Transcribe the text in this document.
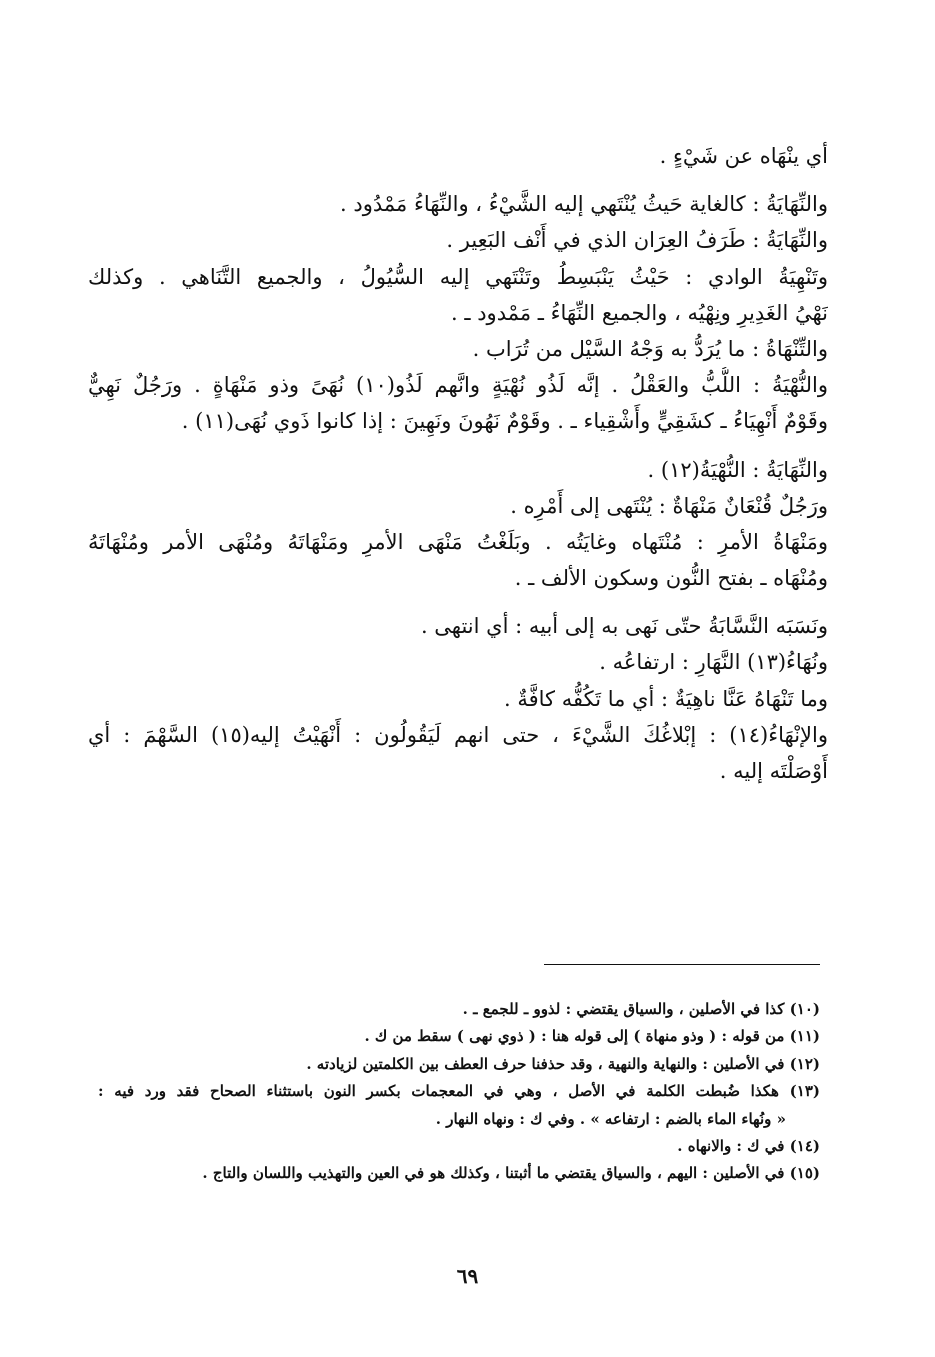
أي ينْهَاه عن شَيْءٍ .
والنِّهَايَةُ : كالغاية حَيثُ يُنْتَهي إليه الشَّيْءُ ، والنِّهَاءُ مَمْدُود .
والنِّهَايَةُ : طَرَفُ العِرَان الذي في أَنْف البَعِير .
وتَنْهِيَةُ الوادي : حَيْثُ يَنْبَسِطُ وتَنْتَهي إليه السُّيُولُ ، والجميع التَّنَاهي . وكذلك
نَهْيُ الغَدِيرِ ونِهْيُه ، والجميع النِّهَاءُ ـ مَمْدود ـ .
والتِّنْهَاةُ : ما يُرَدُّ به وَجْهُ السَّيْل من تُرَاب .
والنُّهْيَةُ : اللُّبُّ والعَقْلُ . إنَّه لَذُو نُهْيَةٍ وانَّهم لَذُو(١٠) نُهَىً وذو مَنْهَاةٍ . ورَجُلٌ نَهِيٌّ
وقَوْمٌ أَنْهِيَاءُ ـ كشَقِيٍّ وأَشْقِياء ـ . وقَوْمٌ نَهُونَ ونَهِينَ : إذا كانوا ذَوي نُهَى(١١) .
والنِّهَايَةُ : النُّهْيَةُ(١٢) .
ورَجُلٌ قُنْعَانٌ مَنْهَاةٌ : يُنْتَهى إلى أَمْرِه .
ومَنْهَاةُ الأمرِ : مُنْتَهاه وغايَتُه . وبَلَغْتُ مَنْهَى الأمرِ ومَنْهَاتَهُ ومُنْهَى الأمر ومُنْهَاتَهُ
ومُنْهَاه ـ بفتح النُّون وسكون الألف ـ .
ونَسَبَه النَّسَّابَةُ حتّى نَهى به إلى أبيه : أي انتهى .
ونُهَاءُ(١٣) النَّهَارِ : ارتفاعُه .
وما تَنْهَاهُ عَنَّا ناهِيَةٌ : أي ما تَكُفُّه كافَّةٌ .
والإنْهَاءُ(١٤) : إبْلاغُكَ الشَّيْءَ ، حتى انهم لَيَقُولُون : أَنْهَيْتُ إليه(١٥) السَّهْمَ : أي
أَوْصَلْتَه إليه .
(١٠) كذا في الأصلين ، والسياق يقتضي : لذوو ـ للجمع ـ .
(١١) من قوله : ( وذو منهاة ) إلى قوله هنا : ( ذوي نهى ) سقط من ك .
(١٢) في الأصلين : والنهاية والنهية ، وقد حذفنا حرف العطف بين الكلمتين لزيادته .
(١٣) هكذا ضُبطت الكلمة في الأصل ، وهي في المعجمات بكسر النون باستثناء الصحاح فقد ورد فيه :
« ونُهاء الماء بالضم : ارتفاعه » . وفي ك : ونهاه النهار .
(١٤) في ك : والانهاه .
(١٥) في الأصلين : اليهم ، والسياق يقتضي ما أثبتنا ، وكذلك هو في العين والتهذيب واللسان والتاج .
٦٩
